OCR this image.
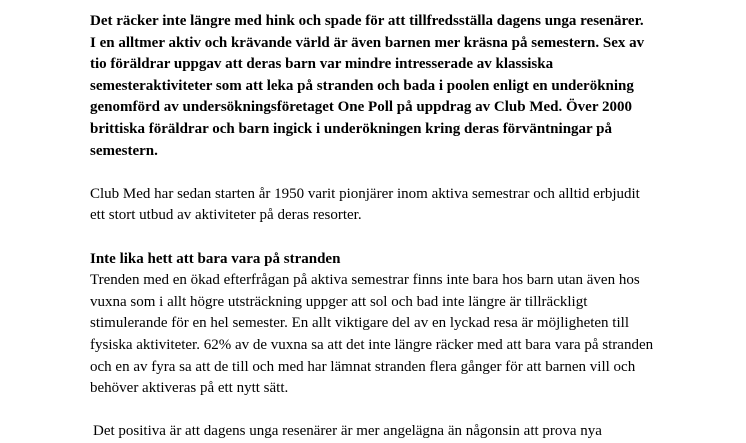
Det räcker inte längre med hink och spade för att tillfredsställa dagens unga resenärer.
I en alltmer aktiv och krävande värld är även barnen mer kräsna på semestern. Sex av
tio föräldrar uppgav att deras barn var mindre intresserade av klassiska
semesteraktiviteter som att leka på stranden och bada i poolen enligt en underökning
genomförd av undersökningsföretaget One Poll på uppdrag av Club Med. Över 2000
brittiska föräldrar och barn ingick i underökningen kring deras förväntningar på
semestern.
Club Med har sedan starten år 1950 varit pionjärer inom aktiva semestrar och alltid erbjudit
ett stort utbud av aktiviteter på deras resorter.
Inte lika hett att bara vara på stranden
Trenden med en ökad efterfrågan på aktiva semestrar finns inte bara hos barn utan även hos
vuxna som i allt högre utsträckning uppger att sol och bad inte längre är tillräckligt
stimulerande för en hel semester. En allt viktigare del av en lyckad resa är möjligheten till
fysiska aktiviteter. 62% av de vuxna sa att det inte längre räcker med att bara vara på stranden
och en av fyra sa att de till och med har lämnat stranden flera gånger för att barnen vill och
behöver aktiveras på ett nytt sätt.
Det positiva är att dagens unga resenärer är mer angelägna än någonsin att prova nya
